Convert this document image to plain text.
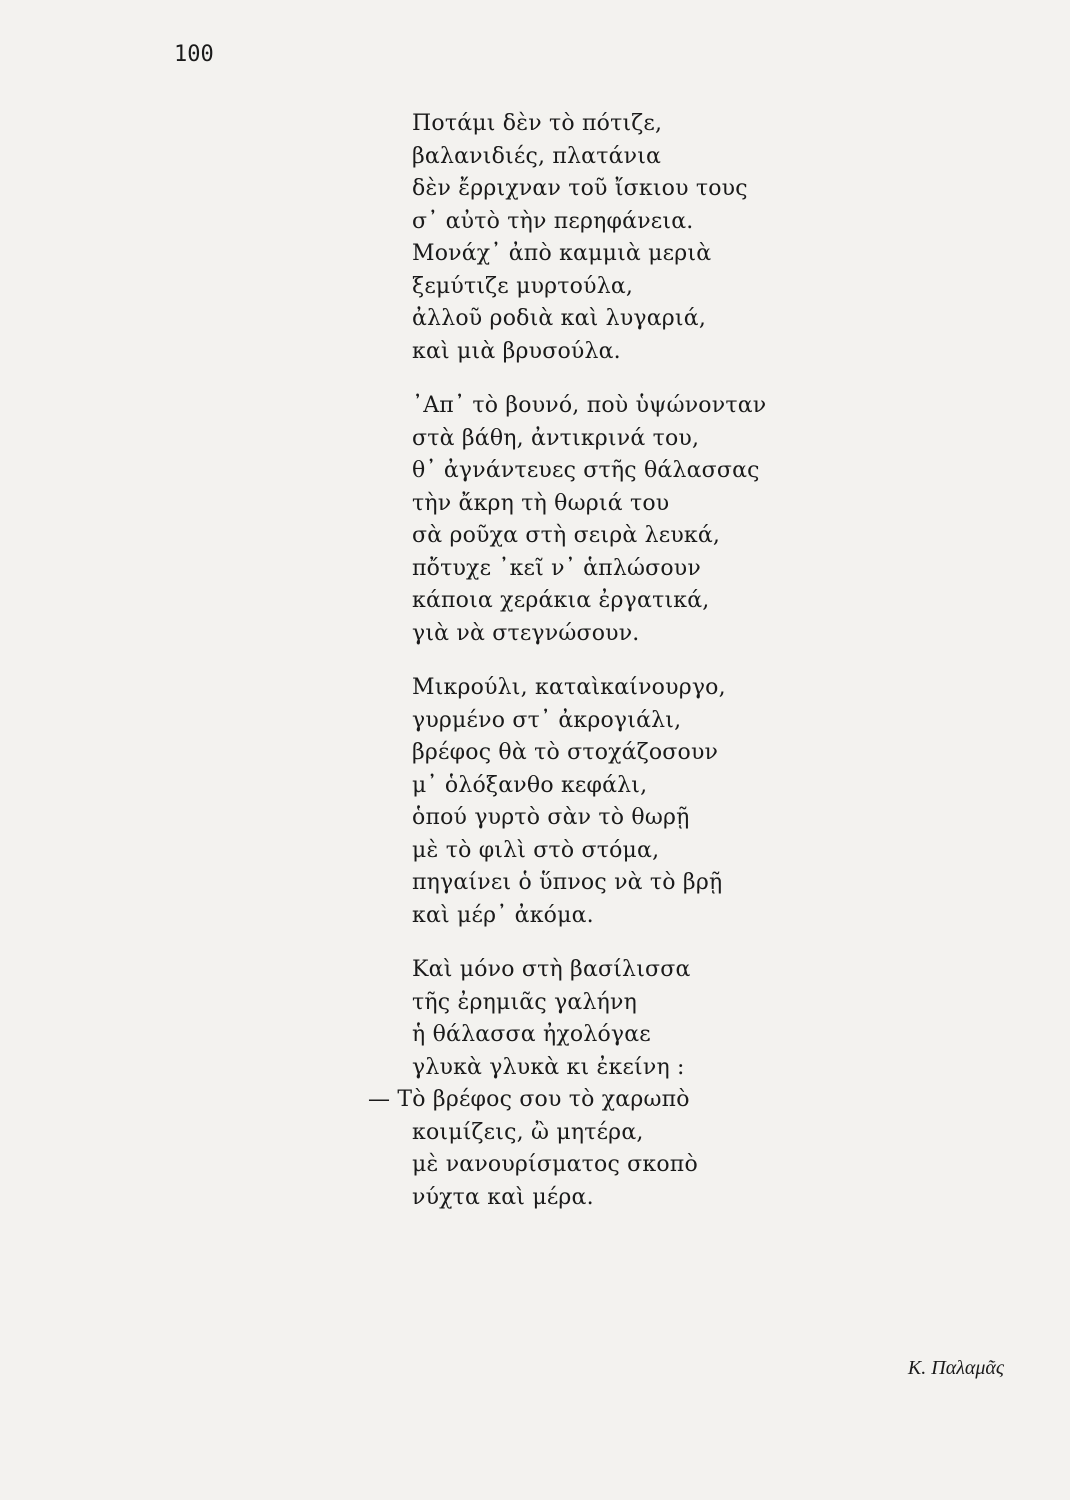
100
Ποτάμι δὲν τὸ πότιζε,
βαλανιδιές, πλατάνια
δὲν ἔρριχναν τοῦ ἴσκιου τους
σ᾽ αὐτὸ τὴν περηφάνεια.
Μονάχ᾽ ἀπὸ καμμιὰ μεριὰ
ξεμύτιζε μυρτούλα,
ἀλλοῦ ροδιὰ καὶ λυγαριά,
καὶ μιὰ βρυσούλα.
᾿Απ᾽ τὸ βουνό, ποὺ ὑψώνονταν
στὰ βάθη, ἀντικρινά του,
θ᾽ ἀγνάντευες στῆς θάλασσας
τὴν ἄκρη τὴ θωριά του
σὰ ροῦχα στὴ σειρὰ λευκά,
πὄτυχε ᾽κεῖ ν᾽ ἁπλώσουν
κάποια χεράκια ἐργατικά,
γιὰ νὰ στεγνώσουν.
Μικρούλι, καταὶκαίνουργο,
γυρμένο στ᾽ ἀκρογιάλι,
βρέφος θὰ τὸ στοχάζοσουν
μ᾽ ὁλόξανθο κεφάλι,
ὁπού γυρτὸ σὰν τὸ θωρῇ
μὲ τὸ φιλὶ στὸ στόμα,
πηγαίνει ὁ ὕπνος νὰ τὸ βρῇ
καὶ μέρ᾽ ἀκόμα.
Καὶ μόνο στὴ βασίλισσα
τῆς ἐρημιᾶς γαλήνη
ἡ θάλασσα ἠχολόγαε
γλυκὰ γλυκὰ κι ἐκείνη :
— Τὸ βρέφος σου τὸ χαρωπὸ
κοιμίζεις, ὢ μητέρα,
μὲ νανουρίσματος σκοπὸ
νύχτα καὶ μέρα.
Κ. Παλαμᾶς
